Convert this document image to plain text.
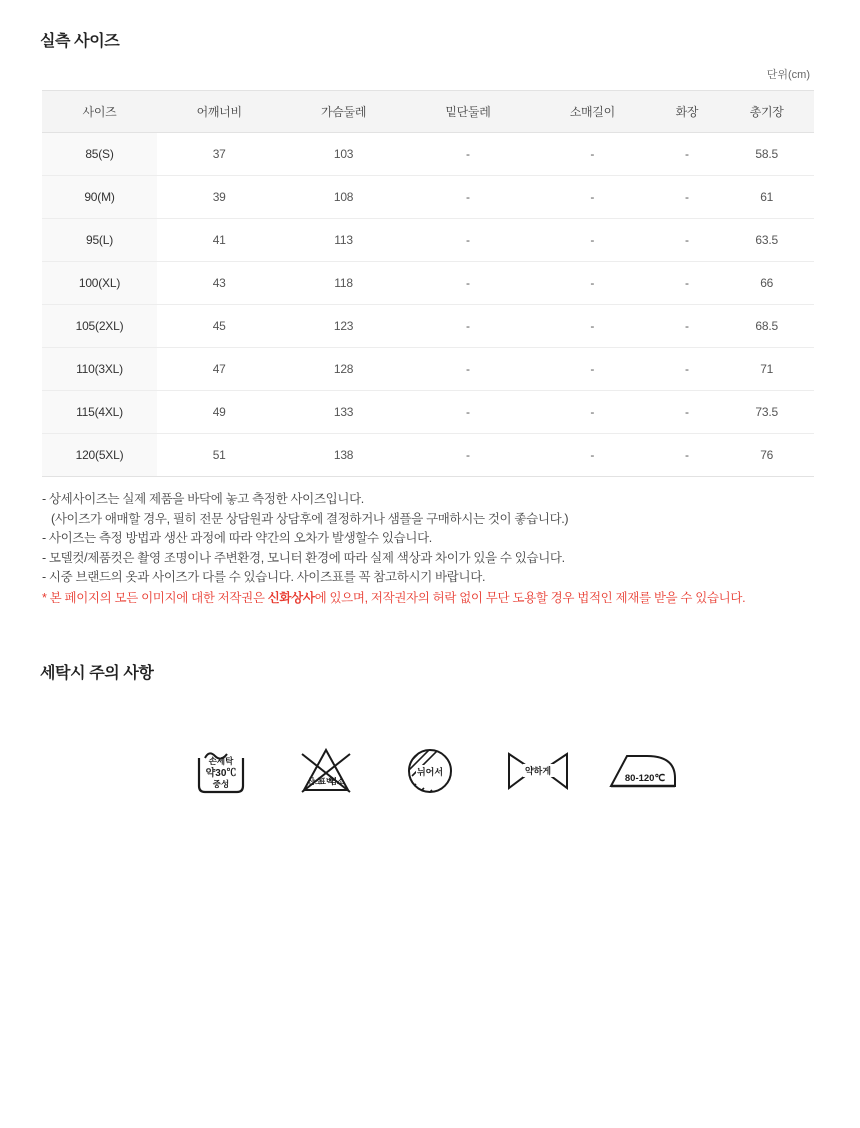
실측 사이즈
단위(cm)
사이즈	어깨너비	가슴둘레	밑단둘레	소매길이	화장	총기장
85(S)	37	103	-	-	-	58.5
90(M)	39	108	-	-	-	61
95(L)	41	113	-	-	-	63.5
100(XL)	43	118	-	-	-	66
105(2XL)	45	123	-	-	-	68.5
110(3XL)	47	128	-	-	-	71
115(4XL)	49	133	-	-	-	73.5
120(5XL)	51	138	-	-	-	76
- 상세사이즈는 실제 제품을 바닥에 놓고 측정한 사이즈입니다.
(사이즈가 애매할 경우, 필히 전문 상담원과 상담후에 결정하거나 샘플을 구매하시는 것이 좋습니다.)
- 사이즈는 측정 방법과 생산 과정에 따라 약간의 오차가 발생할수 있습니다.
- 모델컷/제품컷은 촬영 조명이나 주변환경, 모니터 환경에 따라 실제 색상과 차이가 있을 수 있습니다.
- 시중 브랜드의 옷과 사이즈가 다를 수 있습니다. 사이즈표를 꼭 참고하시기 바랍니다.
* 본 페이지의 모든 이미지에 대한 저작권은 신화상사에 있으며, 저작권자의 허락 없이 무단 도용할 경우 법적인 제재를 받을 수 있습니다.
세탁시 주의 사항
손세탁
약30℃
중성	산소 염소
표백
뉘어서	약하게
80-120℃
